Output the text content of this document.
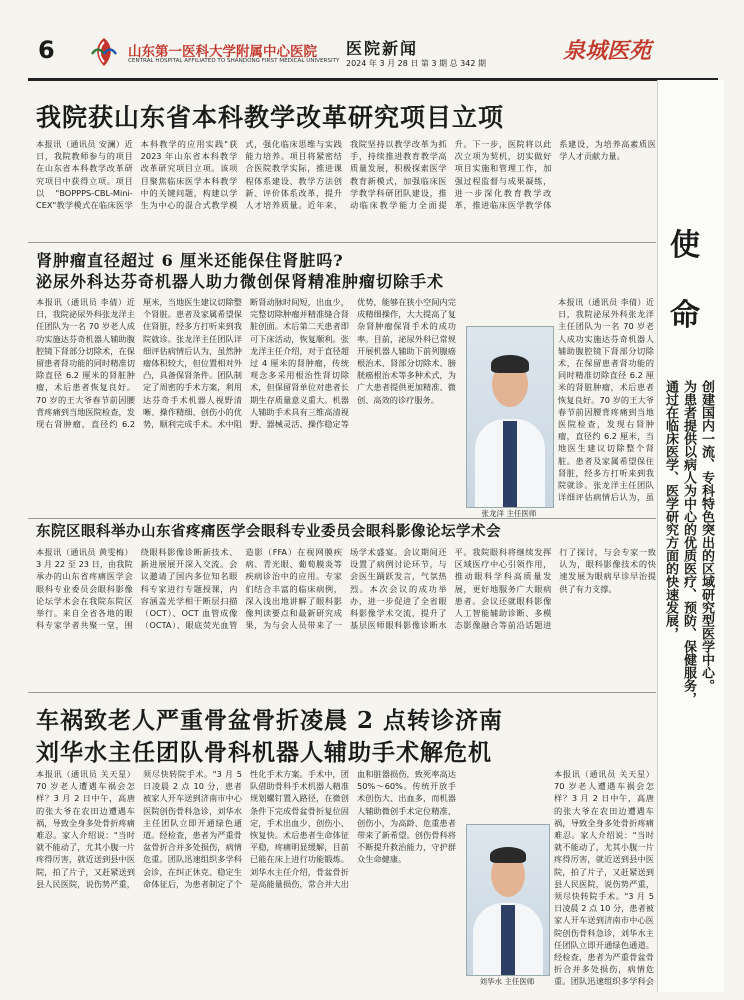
6	山东第一医科大学附属中心医院
CENTRAL HOSPITAL AFFILIATED TO SHANDONG FIRST MEDICAL UNIVERSITY
医院新闻
2024 年 3 月 28 日 第 3 期 总 342 期	泉城医苑
我院获山东省本科教学改革研究项目立项
本报讯（通讯员 安澜）近日，我院教师参与的项目在山东省本科教学改革研究项目中获得立项。项目以"BOPPPS-CBL-Mini-CEX"教学模式在临床医学本科教学的应用实践"获 2023 年山东省本科教学改革研究项目立项。该项目聚焦临床医学本科教学中的关键问题，构建以学生为中心的混合式教学模式，强化临床思维与实践能力培养。项目将紧密结合医院教学实际，推进课程体系建设、教学方法创新、评价体系改革，提升人才培养质量。近年来，我院坚持以教学改革为抓手，持续推进教育教学高质量发展，积极探索医学教育新模式，加强临床医学教学科研团队建设，推动临床教学能力全面提升。下一步，医院将以此次立项为契机，切实做好项目实施和管理工作，加强过程监督与成果凝练，进一步深化教育教学改革，推进临床医学教学体系建设，为培养高素质医学人才贡献力量。
肾肿瘤直径超过 6 厘米还能保住肾脏吗?
泌尿外科达芬奇机器人助力微创保肾精准肿瘤切除手术
本报讯（通讯员 李倩）近日，我院泌尿外科张龙洋主任团队为一名 70 岁老人成功实施达芬奇机器人辅助腹腔镜下肾部分切除术，在保留患者肾功能的同时精准切除直径 6.2 厘米的肾脏肿瘤，术后患者恢复良好。70 岁的王大爷春节前因腰背疼痛到当地医院检查，发现右肾肿瘤，直径约 6.2 厘米，当地医生建议切除整个肾脏。患者及家属希望保住肾脏，经多方打听来到我院就诊。张龙洋主任团队详细评估病情后认为，虽然肿瘤体积较大，但位置相对外凸，具备保肾条件。团队制定了周密的手术方案，利用达芬奇手术机器人视野清晰、操作精细、创伤小的优势，顺利完成手术。术中阻断肾动脉时间短，出血少，完整切除肿瘤并精准缝合肾脏创面。术后第二天患者即可下床活动，恢复顺利。张龙洋主任介绍，对于直径超过 4 厘米的肾肿瘤，传统观念多采用根治性肾切除术，但保留肾单位对患者长期生存质量意义重大。机器人辅助手术具有三维高清视野、器械灵活、操作稳定等优势，能够在狭小空间内完成精细操作，大大提高了复杂肾肿瘤保肾手术的成功率。目前，泌尿外科已常规开展机器人辅助下前列腺癌根治术、肾部分切除术、膀胱癌根治术等多种术式，为广大患者提供更加精准、微创、高效的诊疗服务。
张龙洋 主任医师
本报讯（通讯员 李倩）近日，我院泌尿外科张龙洋主任团队为一名 70 岁老人成功实施达芬奇机器人辅助腹腔镜下肾部分切除术，在保留患者肾功能的同时精准切除直径 6.2 厘米的肾脏肿瘤，术后患者恢复良好。70 岁的王大爷春节前因腰背疼痛到当地医院检查，发现右肾肿瘤，直径约 6.2 厘米，当地医生建议切除整个肾脏。患者及家属希望保住肾脏，经多方打听来到我院就诊。张龙洋主任团队详细评估病情后认为，虽
东院区眼科举办山东省疼痛医学会眼科专业委员会眼科影像论坛学术会
本报讯（通讯员 黄雯梅）3 月 22 至 23 日，由我院承办的山东省疼痛医学会眼科专业委员会眼科影像论坛学术会在我院东院区举行。来自全省各地的眼科专家学者共聚一堂，围绕眼科影像诊断新技术、新进展展开深入交流。会议邀请了国内多位知名眼科专家进行专题授课，内容涵盖光学相干断层扫描（OCT）、OCT 血管成像（OCTA）、眼底荧光血管造影（FFA）在视网膜疾病、青光眼、葡萄膜炎等疾病诊治中的应用。专家们结合丰富的临床病例，深入浅出地讲解了眼科影像判读要点和最新研究成果，为与会人员带来了一场学术盛宴。会议期间还设置了病例讨论环节，与会医生踊跃发言，气氛热烈。本次会议的成功举办，进一步促进了全省眼科影像学术交流，提升了基层医师眼科影像诊断水平。我院眼科将继续发挥区域医疗中心引领作用，推动眼科学科高质量发展，更好地服务广大眼病患者。会议还就眼科影像人工智能辅助诊断、多模态影像融合等前沿话题进行了探讨，与会专家一致认为，眼科影像技术的快速发展为眼病早诊早治提供了有力支撑。
车祸致老人严重骨盆骨折凌晨 2 点转诊济南
刘华水主任团队骨科机器人辅助手术解危机
本报讯（通讯员 关天星）70 岁老人遭遇车祸会怎样？3 月 2 日中午，高唐的张大爷在农田边遭遇车祸，导致全身多处骨折疼痛难忍。家人介绍说："当时就不能动了，尤其小腹一片疼得厉害，就近送到县中医院，拍了片子，又赶紧送到县人民医院，说伤势严重，须尽快转院手术。"3 月 5 日凌晨 2 点 10 分，患者被家人开车送到济南市中心医院创伤骨科急诊，刘华水主任团队立即开通绿色通道。经检查，患者为严重骨盆骨折合并多处损伤，病情危重。团队迅速组织多学科会诊，在纠正休克、稳定生命体征后，为患者制定了个性化手术方案。手术中，团队借助骨科手术机器人精准规划螺钉置入路径，在微创条件下完成骨盆骨折复位固定，手术出血少、创伤小、恢复快。术后患者生命体征平稳，疼痛明显缓解，目前已能在床上进行功能锻炼。刘华水主任介绍，骨盆骨折是高能量损伤，常合并大出血和脏器损伤，致死率高达 50%～60%。传统开放手术创伤大、出血多，而机器人辅助微创手术定位精准、创伤小，为高龄、危重患者带来了新希望。创伤骨科将不断提升救治能力，守护群众生命健康。
刘华水 主任医师
本报讯（通讯员 关天星）70 岁老人遭遇车祸会怎样？3 月 2 日中午，高唐的张大爷在农田边遭遇车祸，导致全身多处骨折疼痛难忍。家人介绍说："当时就不能动了，尤其小腹一片疼得厉害，就近送到县中医院，拍了片子，又赶紧送到县人民医院，说伤势严重，须尽快转院手术。"3 月 5 日凌晨 2 点 10 分，患者被家人开车送到济南市中心医院创伤骨科急诊，刘华水主任团队立即开通绿色通道。经检查，患者为严重骨盆骨折合并多处损伤，病情危重。团队迅速组织多学科会
使
命
通过在临床医学、医学研究方面的快速发展， 为患者提供以病人为中心的优质医疗、预防、保健服务， 创建国内一流、专科特色突出的区域研究型医学中心。
